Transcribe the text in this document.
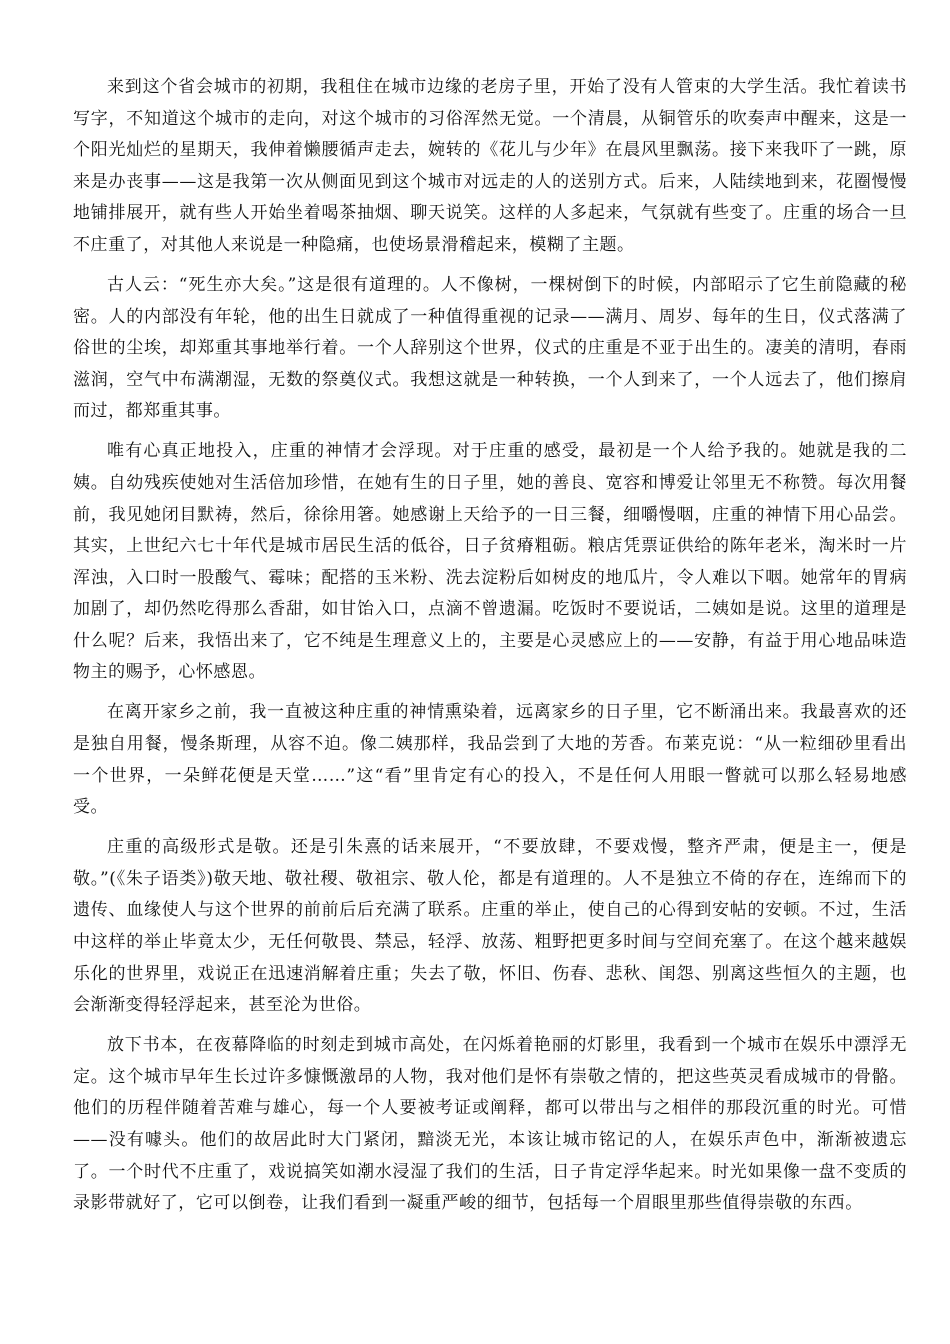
来到这个省会城市的初期，我租住在城市边缘的老房子里，开始了没有人管束的大学生活。我忙着读书写字，不知道这个城市的走向，对这个城市的习俗浑然无觉。一个清晨，从铜管乐的吹奏声中醒来，这是一个阳光灿烂的星期天，我伸着懒腰循声走去，婉转的《花儿与少年》在晨风里飘荡。接下来我吓了一跳，原来是办丧事——这是我第一次从侧面见到这个城市对远走的人的送别方式。后来，人陆续地到来，花圈慢慢地铺排展开，就有些人开始坐着喝茶抽烟、聊天说笑。这样的人多起来，气氛就有些变了。庄重的场合一旦不庄重了，对其他人来说是一种隐痛，也使场景滑稽起来，模糊了主题。

古人云：“死生亦大矣。”这是很有道理的。人不像树，一棵树倒下的时候，内部昭示了它生前隐藏的秘密。人的内部没有年轮，他的出生日就成了一种值得重视的记录——满月、周岁、每年的生日，仪式落满了俗世的尘埃，却郑重其事地举行着。一个人辞别这个世界，仪式的庄重是不亚于出生的。凄美的清明，春雨滋润，空气中布满潮湿，无数的祭奠仪式。我想这就是一种转换，一个人到来了，一个人远去了，他们擦肩而过，都郑重其事。

唯有心真正地投入，庄重的神情才会浮现。对于庄重的感受，最初是一个人给予我的。她就是我的二姨。自幼残疾使她对生活倍加珍惜，在她有生的日子里，她的善良、宽容和博爱让邻里无不称赞。每次用餐前，我见她闭目默祷，然后，徐徐用箸。她感谢上天给予的一日三餐，细嚼慢咽，庄重的神情下用心品尝。其实，上世纪六七十年代是城市居民生活的低谷，日子贫瘠粗砺。粮店凭票证供给的陈年老米，淘米时一片浑浊，入口时一股酸气、霉味；配搭的玉米粉、洗去淀粉后如树皮的地瓜片，令人难以下咽。她常年的胃病加剧了，却仍然吃得那么香甜，如甘饴入口，点滴不曾遗漏。吃饭时不要说话，二姨如是说。这里的道理是什么呢？后来，我悟出来了，它不纯是生理意义上的，主要是心灵感应上的——安静，有益于用心地品味造物主的赐予，心怀感恩。

在离开家乡之前，我一直被这种庄重的神情熏染着，远离家乡的日子里，它不断涌出来。我最喜欢的还是独自用餐，慢条斯理，从容不迫。像二姨那样，我品尝到了大地的芳香。布莱克说：“从一粒细砂里看出一个世界，一朵鲜花便是天堂……”这“看”里肯定有心的投入，不是任何人用眼一瞥就可以那么轻易地感受。

庄重的高级形式是敬。还是引朱熹的话来展开，“不要放肆，不要戏慢，整齐严肃，便是主一，便是敬。”(《朱子语类》)敬天地、敬社稷、敬祖宗、敬人伦，都是有道理的。人不是独立不倚的存在，连绵而下的遗传、血缘使人与这个世界的前前后后充满了联系。庄重的举止，使自己的心得到安帖的安顿。不过，生活中这样的举止毕竟太少，无任何敬畏、禁忌，轻浮、放荡、粗野把更多时间与空间充塞了。在这个越来越娱乐化的世界里，戏说正在迅速消解着庄重；失去了敬，怀旧、伤春、悲秋、闺怨、别离这些恒久的主题，也会渐渐变得轻浮起来，甚至沦为世俗。

放下书本，在夜幕降临的时刻走到城市高处，在闪烁着艳丽的灯影里，我看到一个城市在娱乐中漂浮无定。这个城市早年生长过许多慷慨激昂的人物，我对他们是怀有崇敬之情的，把这些英灵看成城市的骨骼。他们的历程伴随着苦难与雄心，每一个人要被考证或阐释，都可以带出与之相伴的那段沉重的时光。可惜——没有噱头。他们的故居此时大门紧闭，黯淡无光，本该让城市铭记的人，在娱乐声色中，渐渐被遗忘了。一个时代不庄重了，戏说搞笑如潮水浸湿了我们的生活，日子肯定浮华起来。时光如果像一盘不变质的录影带就好了，它可以倒卷，让我们看到一凝重严峻的细节，包括每一个眉眼里那些值得崇敬的东西。
